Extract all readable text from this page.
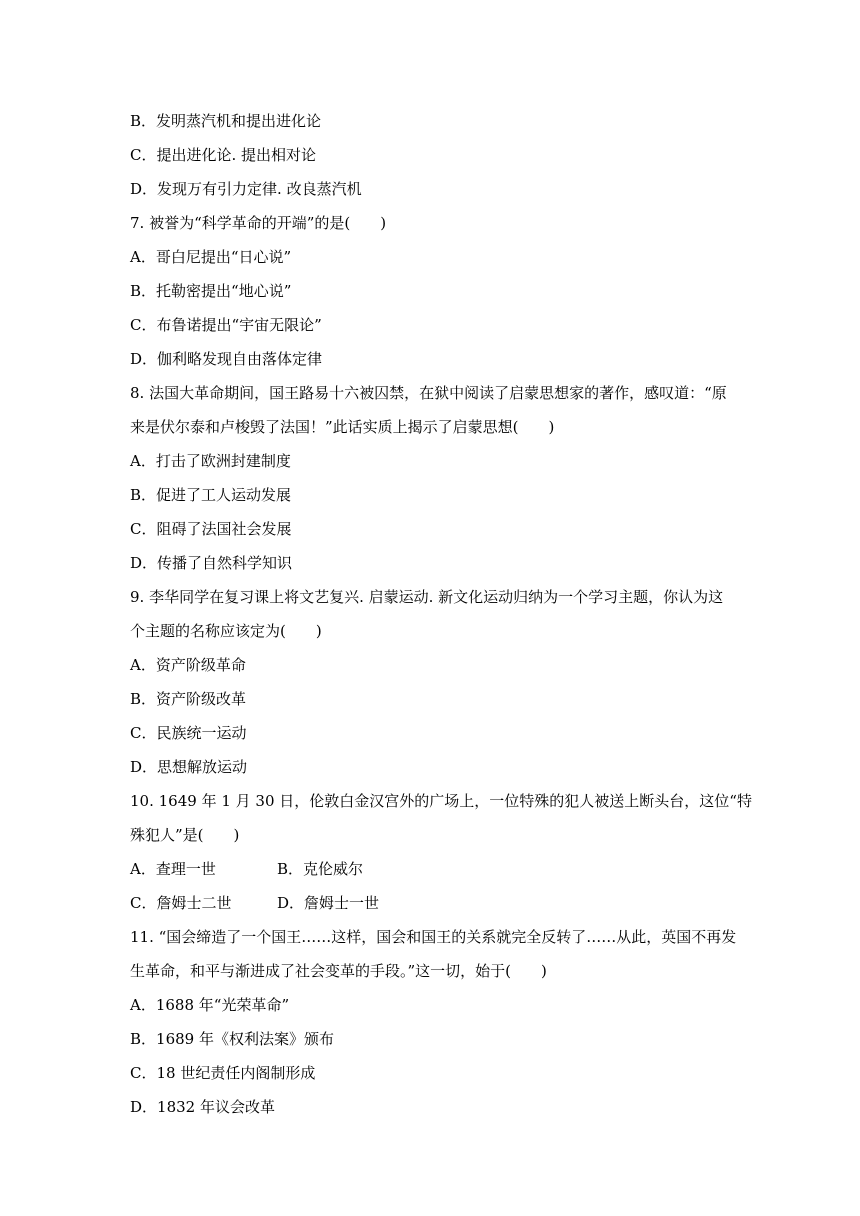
B．发明蒸汽机和提出进化论
C．提出进化论. 提出相对论
D．发现万有引力定律. 改良蒸汽机
7. 被誉为“科学革命的开端”的是(　　)
A．哥白尼提出“日心说”
B．托勒密提出“地心说”
C．布鲁诺提出“宇宙无限论”
D．伽利略发现自由落体定律
8. 法国大革命期间，国王路易十六被囚禁，在狱中阅读了启蒙思想家的著作，感叹道：“原
来是伏尔泰和卢梭毁了法国！”此话实质上揭示了启蒙思想(　　)
A．打击了欧洲封建制度
B．促进了工人运动发展
C．阻碍了法国社会发展
D．传播了自然科学知识
9. 李华同学在复习课上将文艺复兴. 启蒙运动. 新文化运动归纳为一个学习主题，你认为这
个主题的名称应该定为(　　)
A．资产阶级革命
B．资产阶级改革
C．民族统一运动
D．思想解放运动
10. 1649 年 1 月 30 日，伦敦白金汉宫外的广场上，一位特殊的犯人被送上断头台，这位“特
殊犯人”是(　　)
A．查理一世	B．克伦威尔
C．詹姆士二世	D．詹姆士一世
11. “国会缔造了一个国王……这样，国会和国王的关系就完全反转了……从此，英国不再发
生革命，和平与渐进成了社会变革的手段。”这一切，始于(　　)
A．1688 年“光荣革命”
B．1689 年《权利法案》颁布
C．18 世纪责任内阁制形成
D．1832 年议会改革
